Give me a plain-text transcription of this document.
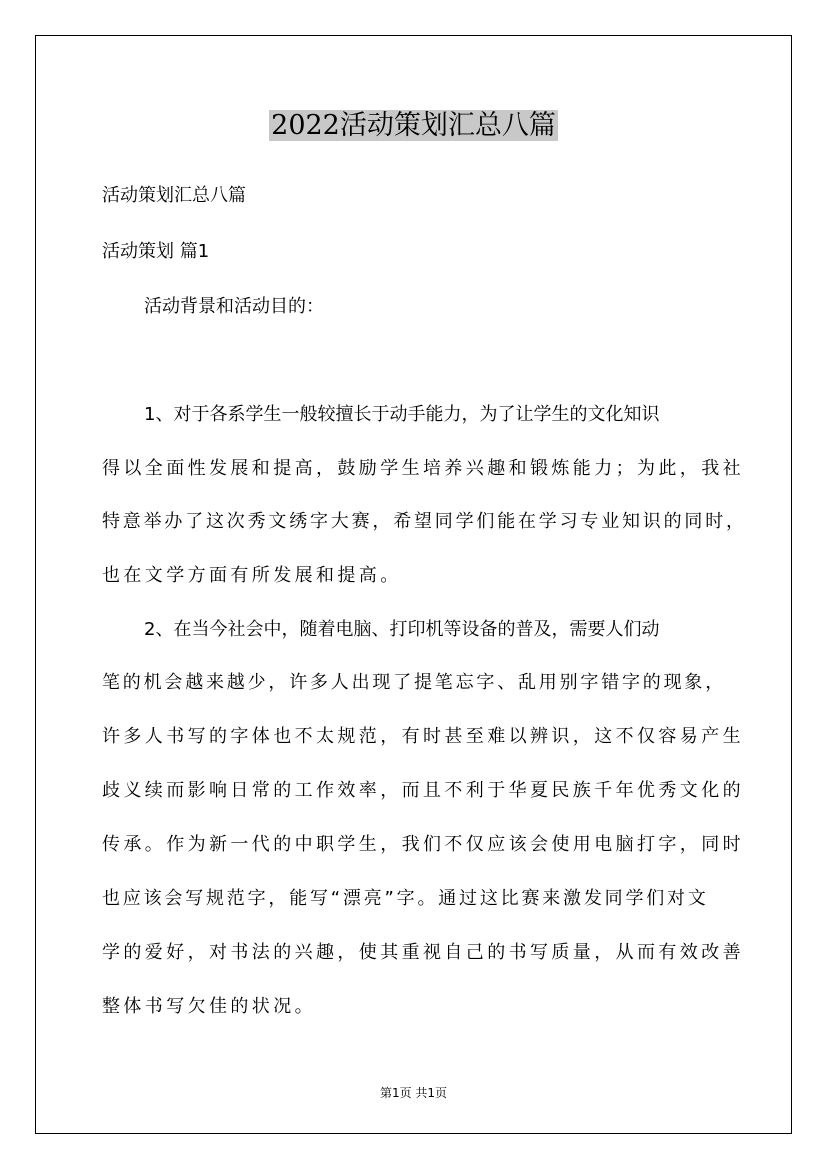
2022活动策划汇总八篇
活动策划汇总八篇
活动策划 篇1
活动背景和活动目的：
1、对于各系学生一般较擅长于动手能力，为了让学生的文化知识
得以全面性发展和提高，鼓励学生培养兴趣和锻炼能力；为此，我社
特意举办了这次秀文绣字大赛，希望同学们能在学习专业知识的同时，
也在文学方面有所发展和提高。
2、在当今社会中，随着电脑、打印机等设备的普及，需要人们动
笔的机会越来越少，许多人出现了提笔忘字、乱用别字错字的现象，
许多人书写的字体也不太规范，有时甚至难以辨识，这不仅容易产生
歧义续而影响日常的工作效率，而且不利于华夏民族千年优秀文化的
传承。作为新一代的中职学生，我们不仅应该会使用电脑打字，同时
也应该会写规范字，能写“漂亮”字。通过这比赛来激发同学们对文
学的爱好，对书法的兴趣，使其重视自己的书写质量，从而有效改善
整体书写欠佳的状况。
第1页 共1页
